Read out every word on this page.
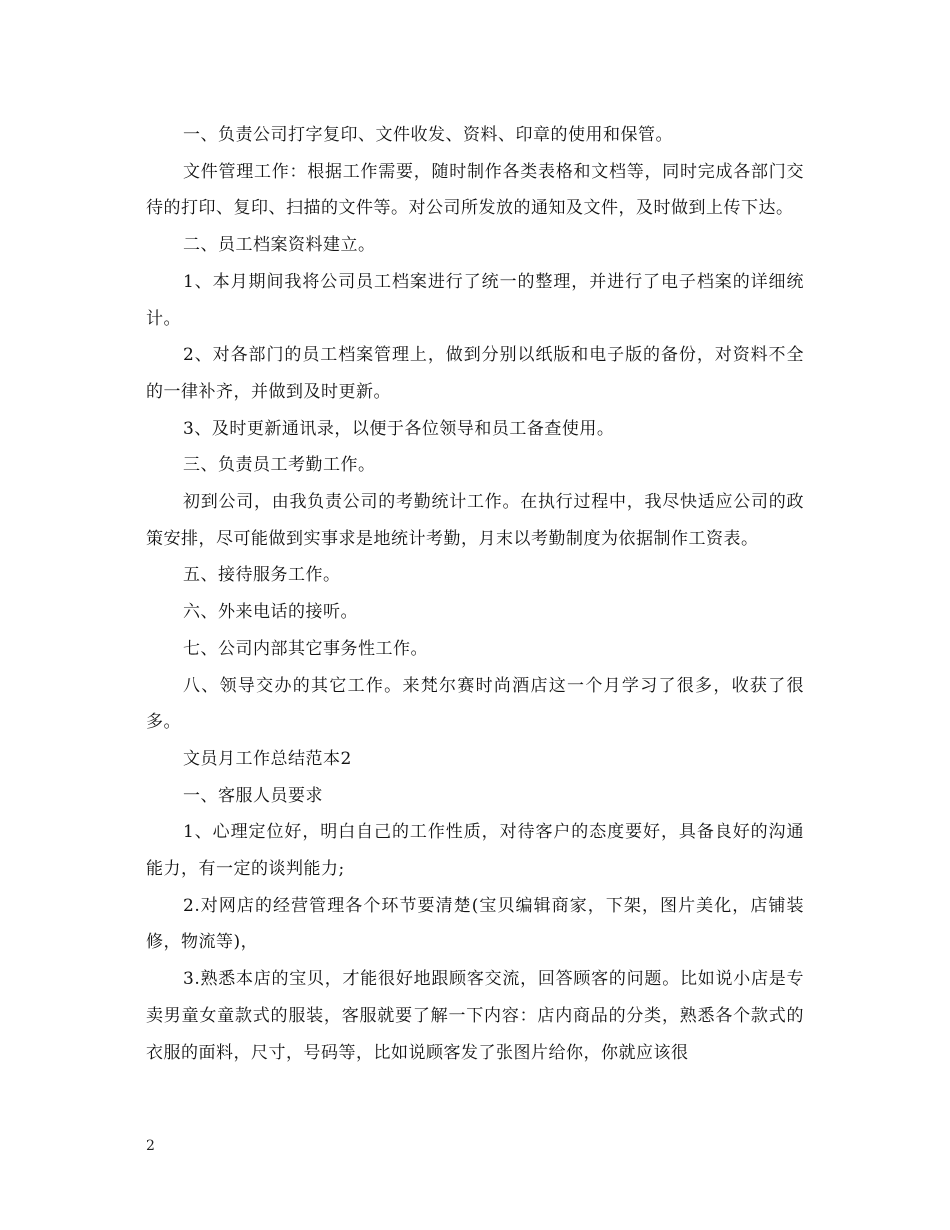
一、负责公司打字复印、文件收发、资料、印章的使用和保管。

文件管理工作：根据工作需要，随时制作各类表格和文档等，同时完成各部门交待的打印、复印、扫描的文件等。对公司所发放的通知及文件，及时做到上传下达。

二、员工档案资料建立。

1、本月期间我将公司员工档案进行了统一的整理，并进行了电子档案的详细统计。

2、对各部门的员工档案管理上，做到分别以纸版和电子版的备份，对资料不全的一律补齐，并做到及时更新。

3、及时更新通讯录，以便于各位领导和员工备查使用。

三、负责员工考勤工作。

初到公司，由我负责公司的考勤统计工作。在执行过程中，我尽快适应公司的政策安排，尽可能做到实事求是地统计考勤，月末以考勤制度为依据制作工资表。

五、接待服务工作。

六、外来电话的接听。

七、公司内部其它事务性工作。

八、领导交办的其它工作。来梵尔赛时尚酒店这一个月学习了很多，收获了很多。

文员月工作总结范本2

一、客服人员要求

1、心理定位好，明白自己的工作性质，对待客户的态度要好，具备良好的沟通能力，有一定的谈判能力;

2.对网店的经营管理各个环节要清楚(宝贝编辑商家，下架，图片美化，店铺装修，物流等)，

3.熟悉本店的宝贝，才能很好地跟顾客交流，回答顾客的问题。比如说小店是专卖男童女童款式的服装，客服就要了解一下内容：店内商品的分类，熟悉各个款式的衣服的面料，尺寸，号码等，比如说顾客发了张图片给你，你就应该很

2
